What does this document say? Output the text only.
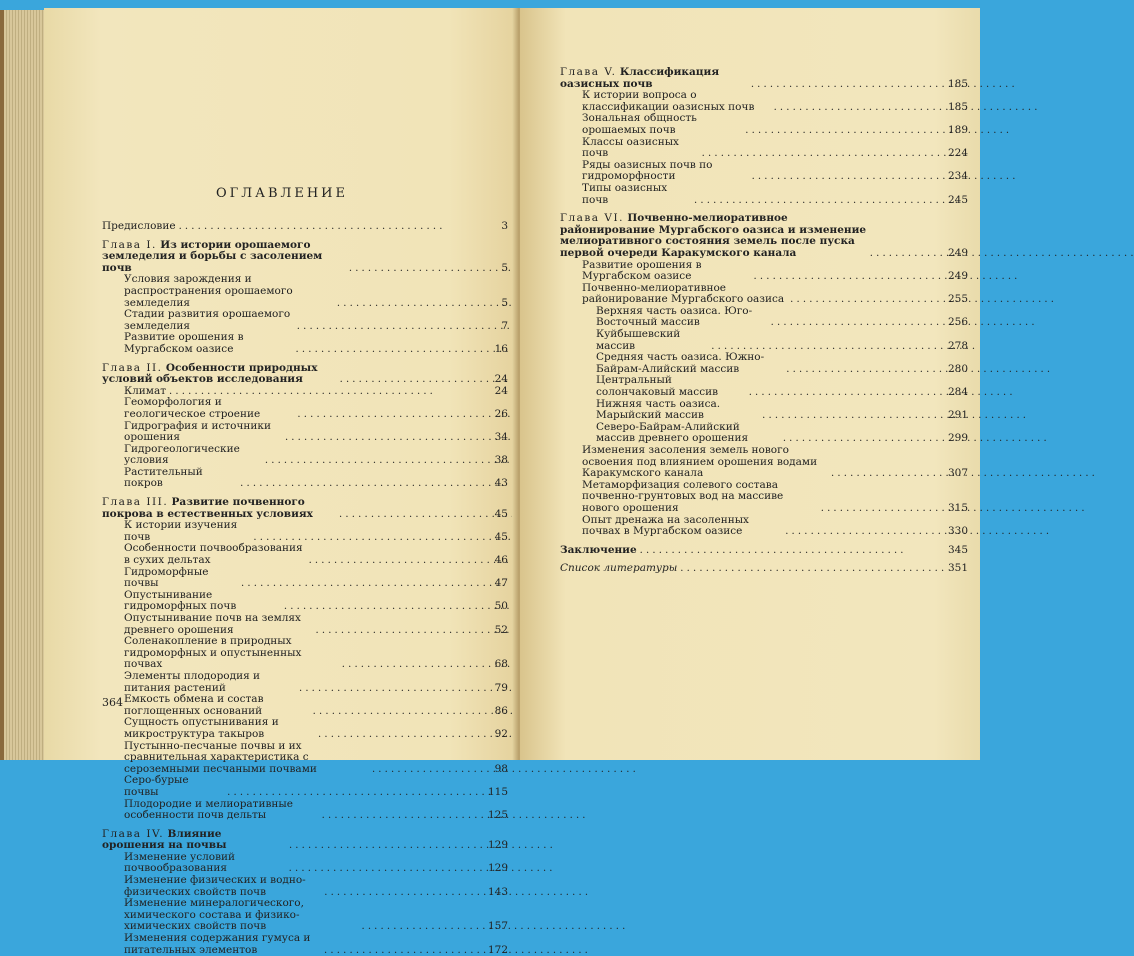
ОГЛАВЛЕНИЕ
Предисловие . . .	3
Глава I. Из истории орошаемого земледелия и борьбы с засолением почв . . .	5
Условия зарождения и распространения орошаемого земледелия . . .	5
Стадии развития орошаемого земледелия . . .	7
Развитие орошения в Мургабском оазисе . . .	16
Глава II. Особенности природных условий объектов исследования . . .	24
Климат . . .	24
Геоморфология и геологическое строение . . .	26
Гидрография и источники орошения . . .	34
Гидрогеологические условия . . .	38
Растительный покров . . .	43
Глава III. Развитие почвенного покрова в естественных условиях . . .	45
К истории изучения почв . . .	45
Особенности почвообразования в сухих дельтах . . .	46
Гидроморфные почвы . . .	47
Опустынивание гидроморфных почв . . .	50
Опустынивание почв на землях древнего орошения . . .	52
Соленакопление в природных гидроморфных и опустыненных почвах . . .	68
Элементы плодородия и питания растений . . .	79
Емкость обмена и состав поглощенных оснований . . .	86
Сущность опустынивания и микроструктура такыров . . .	92
Пустынно-песчаные почвы и их сравнительная характеристика с сероземными песчаными почвами . . .	98
Серо-бурые почвы . . .	115
Плодородие и мелиоративные особенности почв дельты . . .	125
Глава IV. Влияние орошения на почвы . . .	129
Изменение условий почвообразования . . .	129
Изменение физических и водно-физических свойств почв . . .	143
Изменение минералогического, химического состава и физико-химических свойств почв . . .	157
Изменения содержания гумуса и питательных элементов . . .	172
364
Глава V. Классификация оазисных почв . . .	185
К истории вопроса о классификации оазисных почв . . .	185
Зональная общность орошаемых почв . . .	189
Классы оазисных почв . . .	224
Ряды оазисных почв по гидроморфности . . .	234
Типы оазисных почв . . .	245
Глава VI. Почвенно-мелиоративное районирование Мургабского оазиса и изменение мелиоративного состояния земель после пуска первой очереди Каракумского канала . . .	249
Развитие орошения в Мургабском оазисе . . .	249
Почвенно-мелиоративное районирование Мургабского оазиса . . .	255
Верхняя часть оазиса. Юго-Восточный массив . . .	256
Куйбышевский массив . . .	278
Средняя часть оазиса. Южно-Байрам-Алийский массив . . .	280
Центральный солончаковый массив . . .	284
Нижняя часть оазиса. Марыйский массив . . .	291
Северо-Байрам-Алийский массив древнего орошения . . .	299
Изменения засоления земель нового освоения под влиянием орошения водами Каракумского канала . . .	307
Метаморфизация солевого состава почвенно-грунтовых вод на массиве нового орошения . . .	315
Опыт дренажа на засоленных почвах в Мургабском оазисе . . .	330
Заключение . . .	345
Список литературы . . .	351
